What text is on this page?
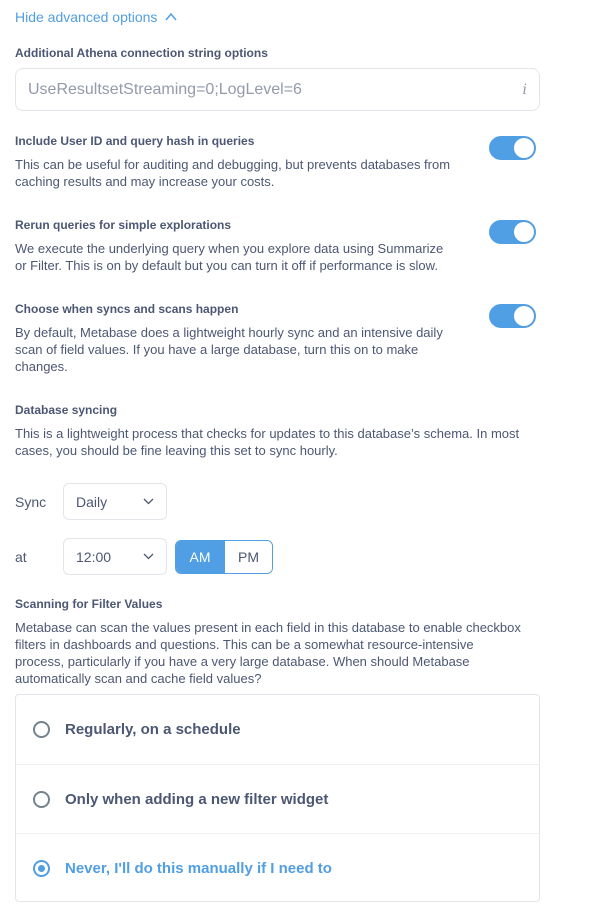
Hide advanced options
Additional Athena connection string options
UseResultsetStreaming=0;LogLevel=6
i
Include User ID and query hash in queries
This can be useful for auditing and debugging, but prevents databases from
caching results and may increase your costs.
Rerun queries for simple explorations
We execute the underlying query when you explore data using Summarize
or Filter. This is on by default but you can turn it off if performance is slow.
Choose when syncs and scans happen
By default, Metabase does a lightweight hourly sync and an intensive daily
scan of field values. If you have a large database, turn this on to make
changes.
Database syncing
This is a lightweight process that checks for updates to this database’s schema. In most
cases, you should be fine leaving this set to sync hourly.
Sync Daily
at	12:00	AM	PM
Scanning for Filter Values
Metabase can scan the values present in each field in this database to enable checkbox
filters in dashboards and questions. This can be a somewhat resource-intensive
process, particularly if you have a very large database. When should Metabase
automatically scan and cache field values?
Regularly, on a schedule
Only when adding a new filter widget
Never, I'll do this manually if I need to
